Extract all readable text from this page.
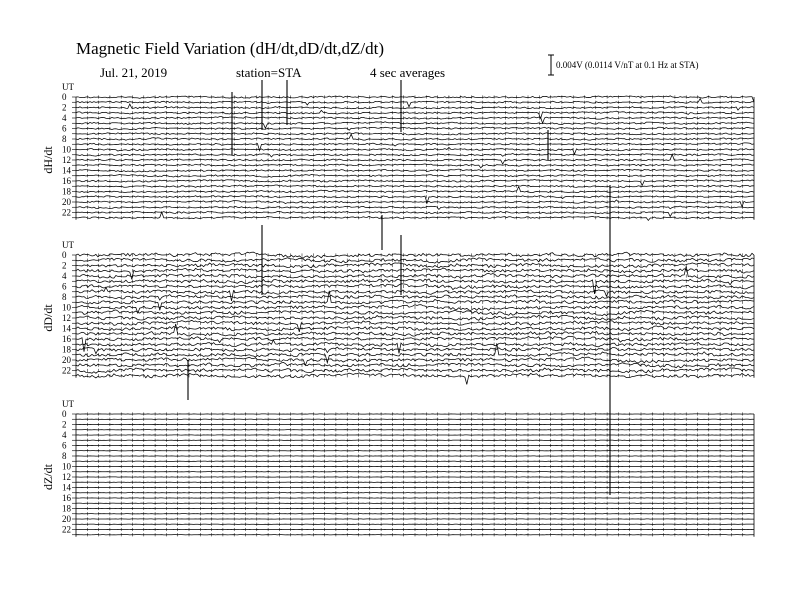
Magnetic Field Variation (dH/dt,dD/dt,dZ/dt)
Jul. 21, 2019	station=STA	4 sec averages	0.004V (0.0114 V/nT at 0.1 Hz at STA)
UT
dH/dt
0
2
4
6
8
10
12
14
16
18
20
22
UT
dD/dt
0
2
4
6
8
10
12
14
16
18
20
22
UT
dZ/dt
0
2
4
6
8
10
12
14
16
18
20
22
